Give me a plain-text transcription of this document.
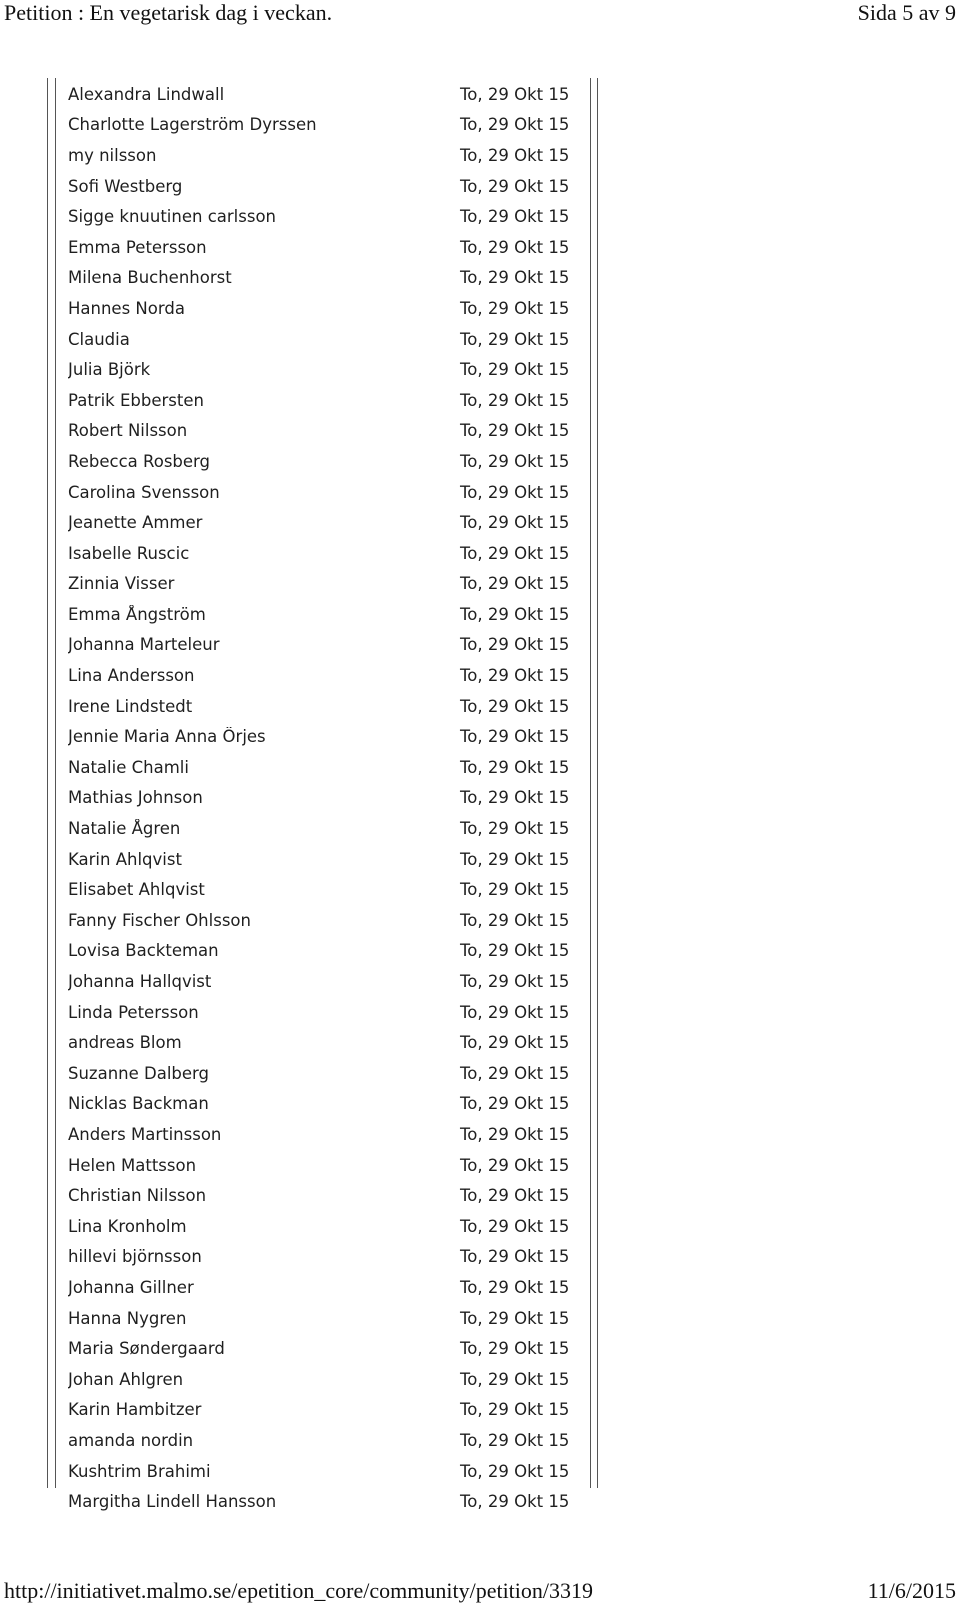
Petition : En vegetarisk dag i veckan.	Sida 5 av 9
Alexandra Lindwall	To, 29 Okt 15
Charlotte Lagerström Dyrssen	To, 29 Okt 15
my nilsson	To, 29 Okt 15
Sofi Westberg	To, 29 Okt 15
Sigge knuutinen carlsson	To, 29 Okt 15
Emma Petersson	To, 29 Okt 15
Milena Buchenhorst	To, 29 Okt 15
Hannes Norda	To, 29 Okt 15
Claudia	To, 29 Okt 15
Julia Björk	To, 29 Okt 15
Patrik Ebbersten	To, 29 Okt 15
Robert Nilsson	To, 29 Okt 15
Rebecca Rosberg	To, 29 Okt 15
Carolina Svensson	To, 29 Okt 15
Jeanette Ammer	To, 29 Okt 15
Isabelle Ruscic	To, 29 Okt 15
Zinnia Visser	To, 29 Okt 15
Emma Ångström	To, 29 Okt 15
Johanna Marteleur	To, 29 Okt 15
Lina Andersson	To, 29 Okt 15
Irene Lindstedt	To, 29 Okt 15
Jennie Maria Anna Örjes	To, 29 Okt 15
Natalie Chamli	To, 29 Okt 15
Mathias Johnson	To, 29 Okt 15
Natalie Ågren	To, 29 Okt 15
Karin Ahlqvist	To, 29 Okt 15
Elisabet Ahlqvist	To, 29 Okt 15
Fanny Fischer Ohlsson	To, 29 Okt 15
Lovisa Backteman	To, 29 Okt 15
Johanna Hallqvist	To, 29 Okt 15
Linda Petersson	To, 29 Okt 15
andreas Blom	To, 29 Okt 15
Suzanne Dalberg	To, 29 Okt 15
Nicklas Backman	To, 29 Okt 15
Anders Martinsson	To, 29 Okt 15
Helen Mattsson	To, 29 Okt 15
Christian Nilsson	To, 29 Okt 15
Lina Kronholm	To, 29 Okt 15
hillevi björnsson	To, 29 Okt 15
Johanna Gillner	To, 29 Okt 15
Hanna Nygren	To, 29 Okt 15
Maria Søndergaard	To, 29 Okt 15
Johan Ahlgren	To, 29 Okt 15
Karin Hambitzer	To, 29 Okt 15
amanda nordin	To, 29 Okt 15
Kushtrim Brahimi	To, 29 Okt 15
Margitha Lindell Hansson	To, 29 Okt 15
http://initiativet.malmo.se/epetition_core/community/petition/3319	11/6/2015
